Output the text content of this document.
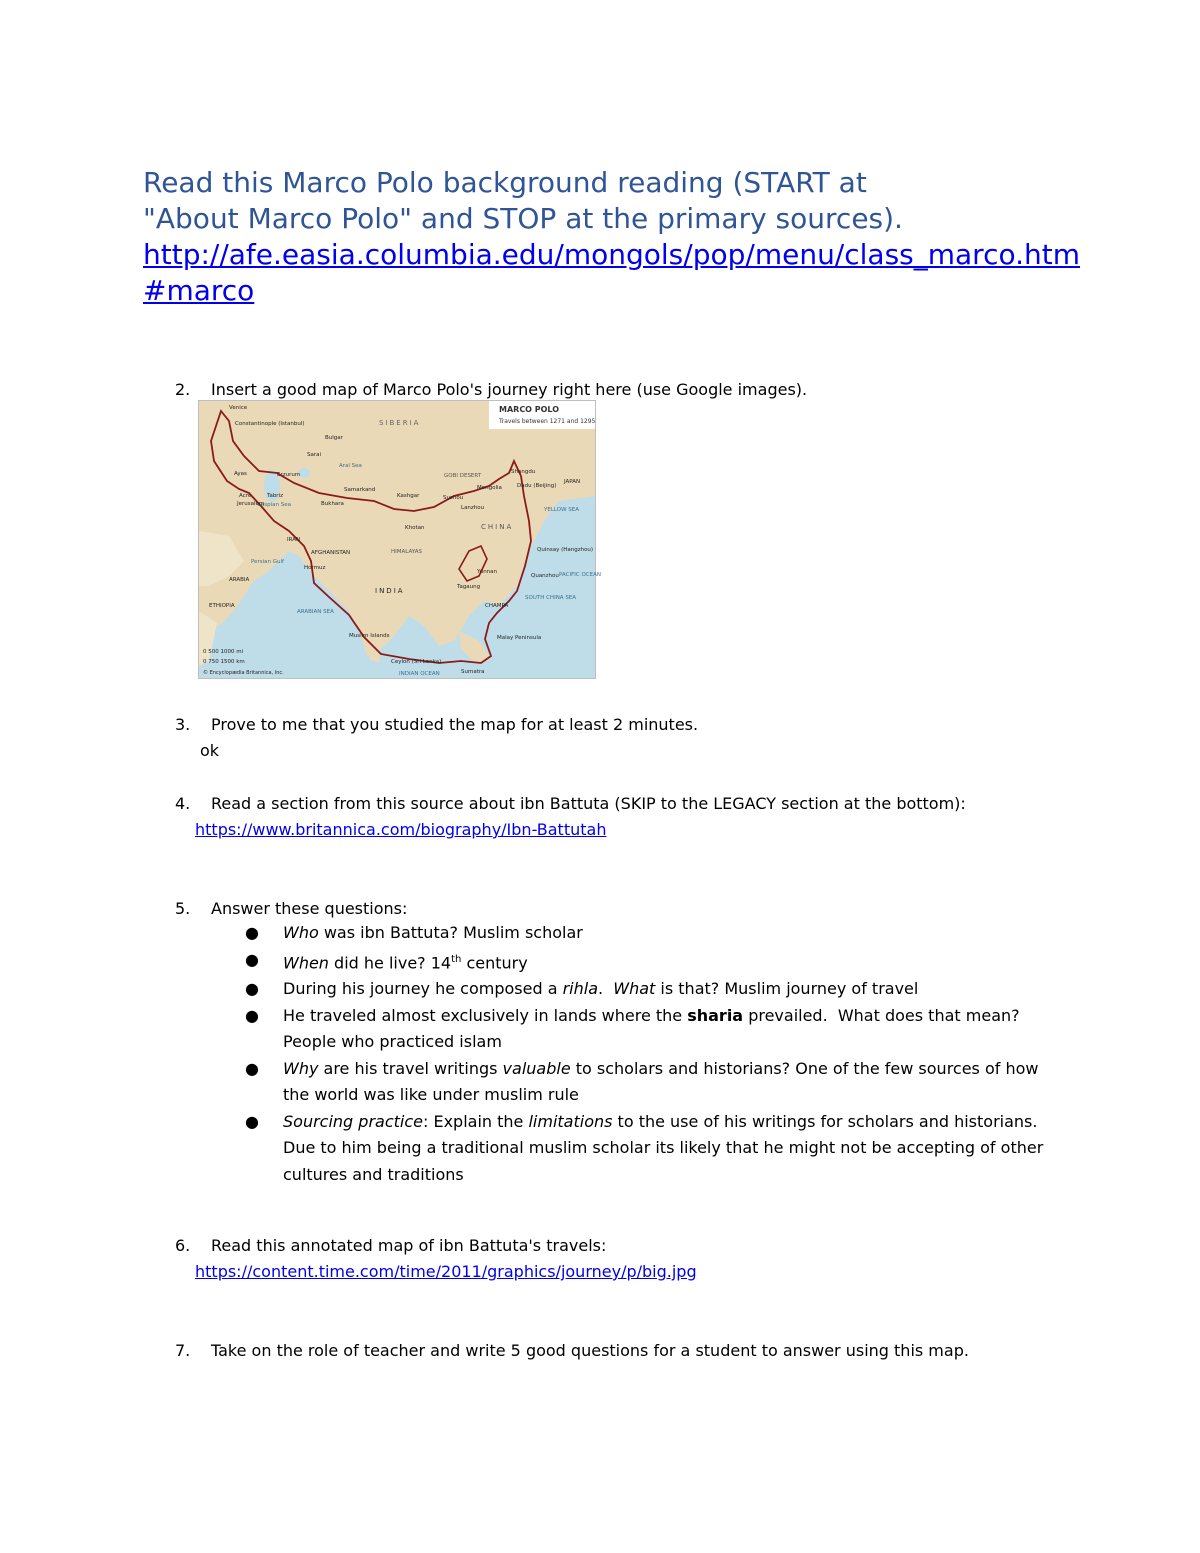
Read this Marco Polo background reading (START at
"About Marco Polo" and STOP at the primary sources).
http://afe.easia.columbia.edu/mongols/pop/menu/class_marco.htm#marco
2. Insert a good map of Marco Polo's journey right here (use Google images).
MARCO POLO
Travels between 1271 and 1295
Venice
Constantinople (Istanbul)
Bulgar
Sarai
SIBERIA
Aral Sea
Caspian Sea
Ayas	Erzurum
Tabriz
Acre
Jerusalem
Samarkand
Bukhara
Kashgar
GOBI DESERT
Mongolia
Shangdu
Dadu (Beijing)
JAPAN
Suzhou
Lanzhou
CHINA
YELLOW SEA
IRAN
AFGHANISTAN
Hormuz
Persian Gulf
ARABIA
Khotan
HIMALAYAS	Quinsay (Hangzhou)
Quanzhou PACIFIC OCEAN
INDIA
Yunnan
Tagaung
ETHIOPIA
ARABIAN SEA
CHAMPA
SOUTH CHINA SEA
Ceylon (Sri Lanka)
Malay Peninsula
Sumatra
INDIAN OCEAN
Muslim Islands
0 500 1000 mi
0 750 1500 km
© Encyclopædia Britannica, Inc.
3. Prove to me that you studied the map for at least 2 minutes.
ok
4. Read a section from this source about ibn Battuta (SKIP to the LEGACY section at the bottom):
https://www.britannica.com/biography/Ibn-Battutah
5. Answer these questions:
● Who was ibn Battuta? Muslim scholar
● When did he live? 14th century
● During his journey he composed a rihla.  What is that? Muslim journey of travel
● He traveled almost exclusively in lands where the sharia prevailed.  What does that mean?  People who practiced islam
● Why are his travel writings valuable to scholars and historians? One of the few sources of how the world was like under muslim rule
● Sourcing practice: Explain the limitations to the use of his writings for scholars and historians. Due to him being a traditional muslim scholar its likely that he might not be accepting of other cultures and traditions
6. Read this annotated map of ibn Battuta's travels:
https://content.time.com/time/2011/graphics/journey/p/big.jpg
7. Take on the role of teacher and write 5 good questions for a student to answer using this map.
